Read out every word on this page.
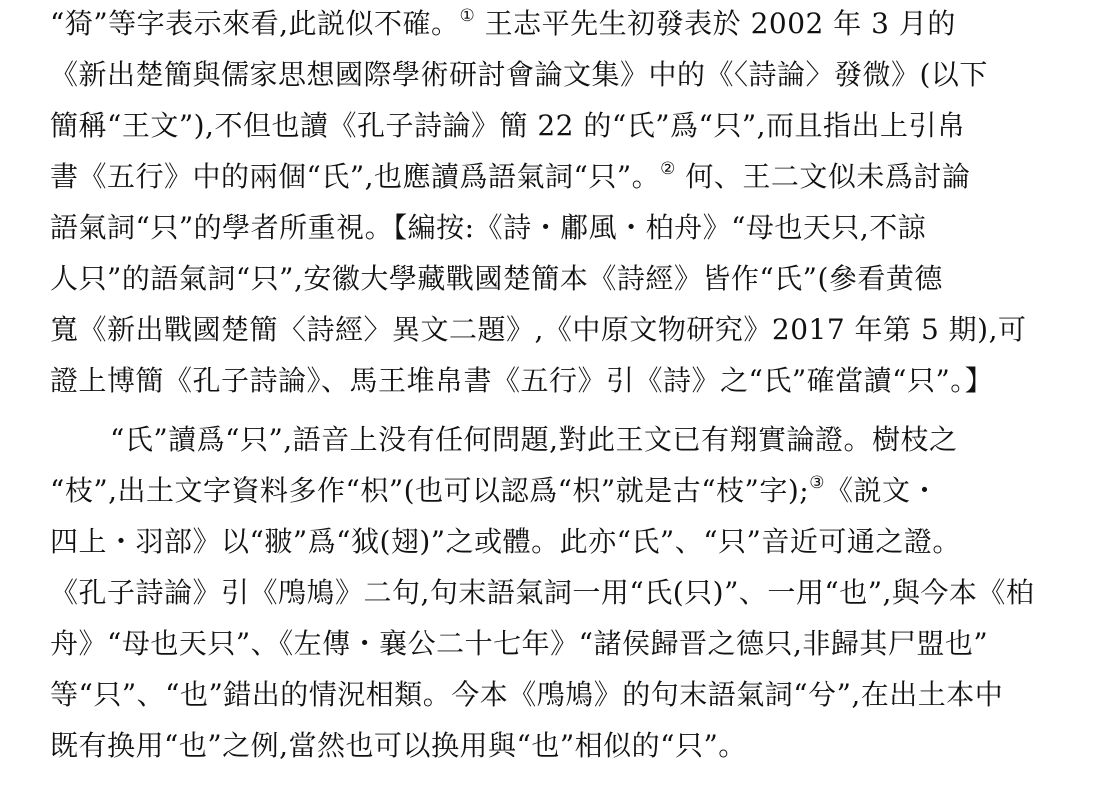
“猗”等字表示來看,此説似不確。① 王志平先生初發表於 2002 年 3 月的
《新出楚簡與儒家思想國際學術研討會論文集》中的《〈詩論〉發微》(以下
簡稱“王文”),不但也讀《孔子詩論》簡 22 的“氏”爲“只”,而且指出上引帛
書《五行》中的兩個“氏”,也應讀爲語氣詞“只”。② 何、王二文似未爲討論
語氣詞“只”的學者所重視。【編按:《詩・鄘風・柏舟》“母也天只,不諒
人只”的語氣詞“只”,安徽大學藏戰國楚簡本《詩經》皆作“氏”(參看黄德
寬《新出戰國楚簡〈詩經〉異文二題》,《中原文物研究》2017 年第 5 期),可
證上博簡《孔子詩論》、馬王堆帛書《五行》引《詩》之“氏”確當讀“只”。】
“氏”讀爲“只”,語音上没有任何問題,對此王文已有翔實論證。樹枝之
“枝”,出土文字資料多作“枳”(也可以認爲“枳”就是古“枝”字);③《説文・
四上・羽部》以“翍”爲“狘(翅)”之或體。此亦“氏”、“只”音近可通之證。
《孔子詩論》引《鳲鳩》二句,句末語氣詞一用“氏(只)”、一用“也”,與今本《柏
舟》“母也天只”、《左傳・襄公二十七年》“諸侯歸晋之德只,非歸其尸盟也”
等“只”、“也”錯出的情況相類。今本《鳲鳩》的句末語氣詞“兮”,在出土本中
既有换用“也”之例,當然也可以换用與“也”相似的“只”。
